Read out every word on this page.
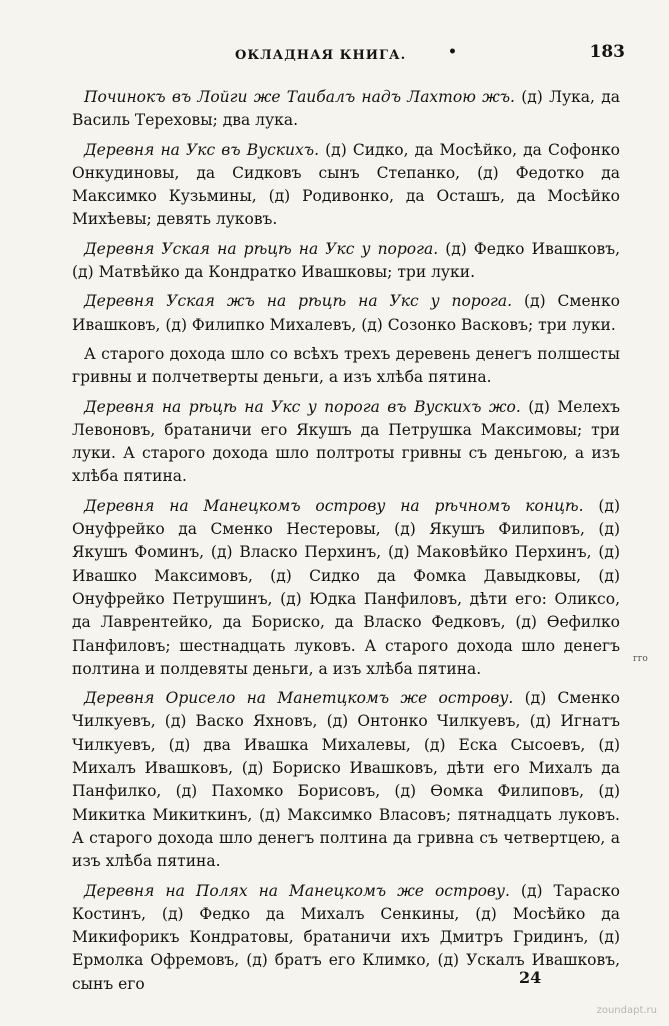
ОКЛАДНАЯ КНИГА.	•	183

Починокъ въ Лойги же Таибалъ надъ Лахтою жъ. (д) Лука, да Василь Тереховы; два лука.

Деревня на Укс въ Вускихъ. (д) Сидко, да Мосѣйко, да Софонко Онкудиновы, да Сидковъ сынъ Степанко, (д) Федотко да Максимко Кузьмины, (д) Родивонко, да Осташъ, да Мосѣйко Михѣевы; девять луковъ.

Деревня Уская на рѣцѣ на Укс у порога. (д) Федко Ивашковъ, (д) Матвѣйко да Кондратко Ивашковы; три луки.

Деревня Уская жъ на рѣцѣ на Укс у порога. (д) Сменко Ивашковъ, (д) Филипко Михалевъ, (д) Созонко Васковъ; три луки.

А старого дохода шло со всѣхъ трехъ деревень денегъ полшесты гривны и полчетверты деньги, а изъ хлѣба пятина.

Деревня на рѣцѣ на Укс у порога въ Вускихъ жо. (д) Мелехъ Левоновъ, братаничи его Якушъ да Петрушка Максимовы; три луки. А старого дохода шло полтроты гривны съ деньгою, а изъ хлѣба пятина.

Деревня на Манецкомъ острову на рѣчномъ концѣ. (д) Онуфрейко да Сменко Нестеровы, (д) Якушъ Филиповъ, (д) Якушъ Фоминъ, (д) Власко Перхинъ, (д) Маковѣйко Перхинъ, (д) Ивашко Максимовъ, (д) Сидко да Фомка Давыдковы, (д) Онуфрейко Петрушинъ, (д) Юдка Панфиловъ, дѣти его: Оликсо, да Лаврентейко, да Бориско, да Власко Федковъ, (д) Ѳефилко Панфиловъ; шестнадцать луковъ. А старого дохода шло денегъ полтина и полдевяты деньги, а изъ хлѣба пятина.

Деревня Орисело на Манетцкомъ же острову. (д) Сменко Чилкуевъ, (д) Васко Яхновъ, (д) Онтонко Чилкуевъ, (д) Игнатъ Чилкуевъ, (д) два Ивашка Михалевы, (д) Еска Сысоевъ, (д) Михалъ Ивашковъ, (д) Бориско Ивашковъ, дѣти его Михалъ да Панфилко, (д) Пахомко Борисовъ, (д) Ѳомка Филиповъ, (д) Микитка Микиткинъ, (д) Максимко Власовъ; пятнадцать луковъ. А старого дохода шло денегъ полтина да гривна съ четвертцею, а изъ хлѣба пятина.

Деревня на Полях на Манецкомъ же острову. (д) Тараско Костинъ, (д) Федко да Михалъ Сенкины, (д) Мосѣйко да Микифорикъ Кондратовы, братаничи ихъ Дмитръ Гридинъ, (д) Ермолка Офремовъ, (д) братъ его Климко, (д) Ускалъ Ивашковъ, сынъ его

гго
24
zoundapt.ru
